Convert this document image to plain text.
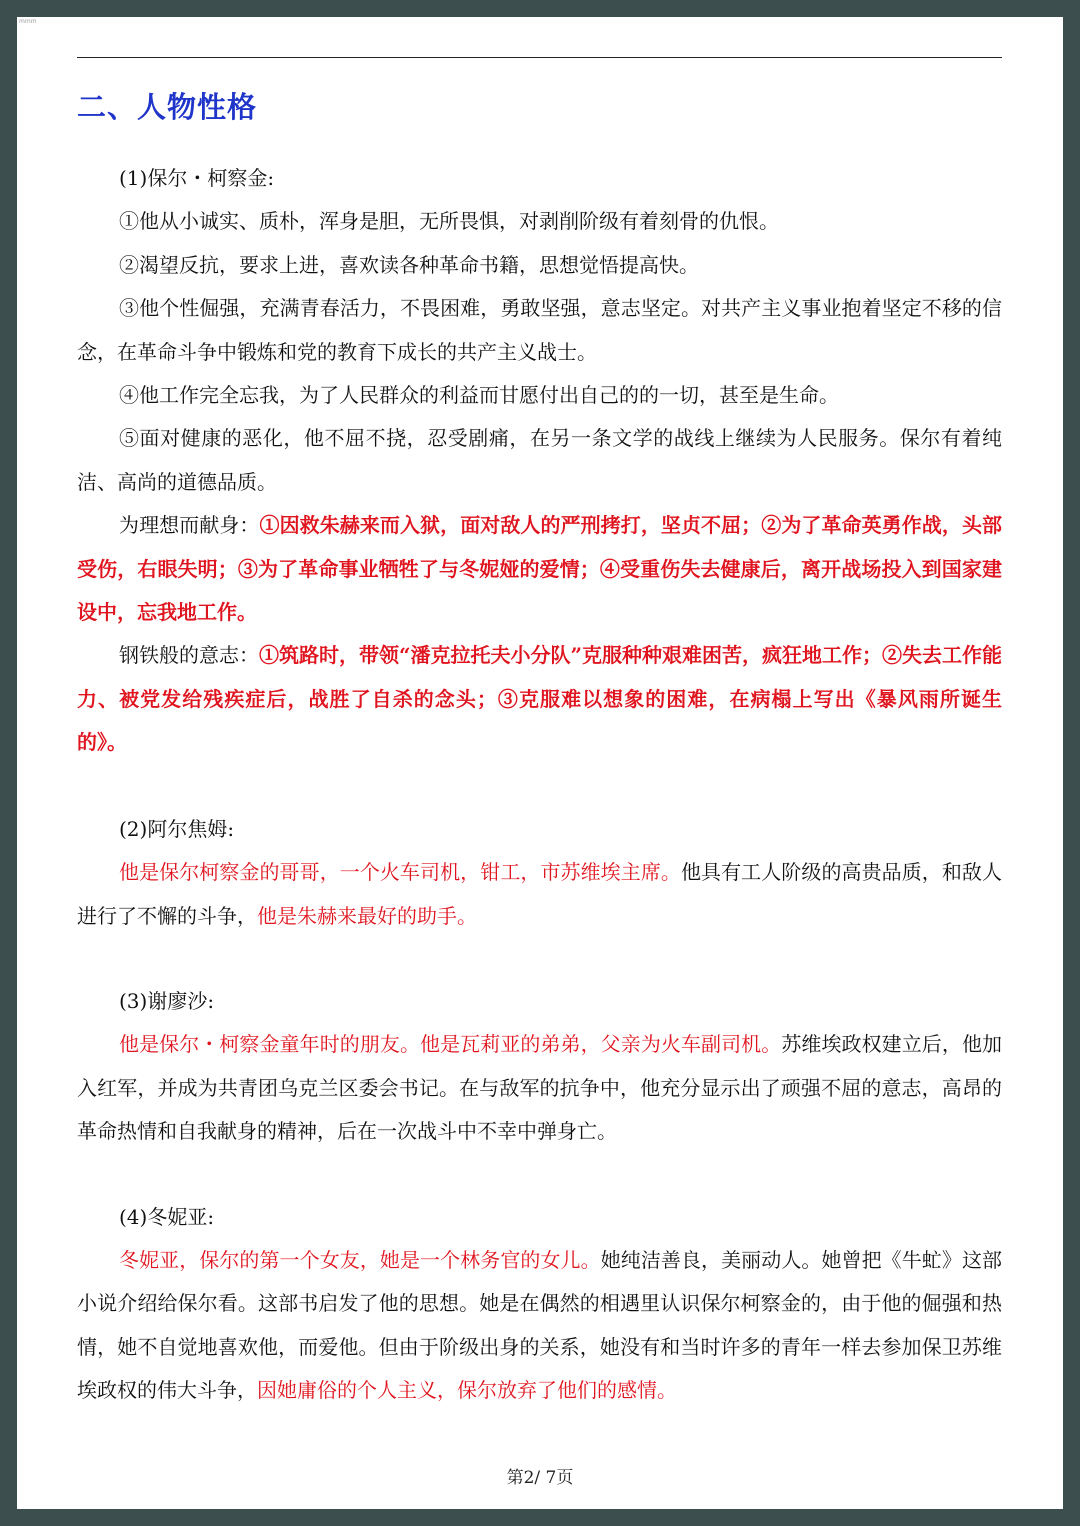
mmm
二、人物性格

(1)保尔・柯察金:

①他从小诚实、质朴，浑身是胆，无所畏惧，对剥削阶级有着刻骨的仇恨。

②渴望反抗，要求上进，喜欢读各种革命书籍，思想觉悟提高快。

③他个性倔强，充满青春活力，不畏困难，勇敢坚强，意志坚定。对共产主义事业抱着坚定不移的信念，在革命斗争中锻炼和党的教育下成长的共产主义战士。

④他工作完全忘我，为了人民群众的利益而甘愿付出自己的的一切，甚至是生命。

⑤面对健康的恶化，他不屈不挠，忍受剧痛，在另一条文学的战线上继续为人民服务。保尔有着纯洁、高尚的道德品质。

为理想而献身：①因救朱赫来而入狱，面对敌人的严刑拷打，坚贞不屈；②为了革命英勇作战，头部受伤，右眼失明；③为了革命事业牺牲了与冬妮娅的爱情；④受重伤失去健康后，离开战场投入到国家建设中，忘我地工作。

钢铁般的意志：①筑路时，带领“潘克拉托夫小分队”克服种种艰难困苦，疯狂地工作；②失去工作能力、被党发给残疾症后，战胜了自杀的念头；③克服难以想象的困难，在病榻上写出《暴风雨所诞生的》。

(2)阿尔焦姆:

他是保尔柯察金的哥哥，一个火车司机，钳工，市苏维埃主席。他具有工人阶级的高贵品质，和敌人进行了不懈的斗争，他是朱赫来最好的助手。

(3)谢廖沙:

他是保尔・柯察金童年时的朋友。他是瓦莉亚的弟弟，父亲为火车副司机。苏维埃政权建立后，他加入红军，并成为共青团乌克兰区委会书记。在与敌军的抗争中，他充分显示出了顽强不屈的意志，高昂的革命热情和自我献身的精神，后在一次战斗中不幸中弹身亡。

(4)冬妮亚:

冬妮亚，保尔的第一个女友，她是一个林务官的女儿。她纯洁善良，美丽动人。她曾把《牛虻》这部小说介绍给保尔看。这部书启发了他的思想。她是在偶然的相遇里认识保尔柯察金的，由于他的倔强和热情，她不自觉地喜欢他，而爱他。但由于阶级出身的关系，她没有和当时许多的青年一样去参加保卫苏维埃政权的伟大斗争，因她庸俗的个人主义，保尔放弃了他们的感情。

第2/ 7页
